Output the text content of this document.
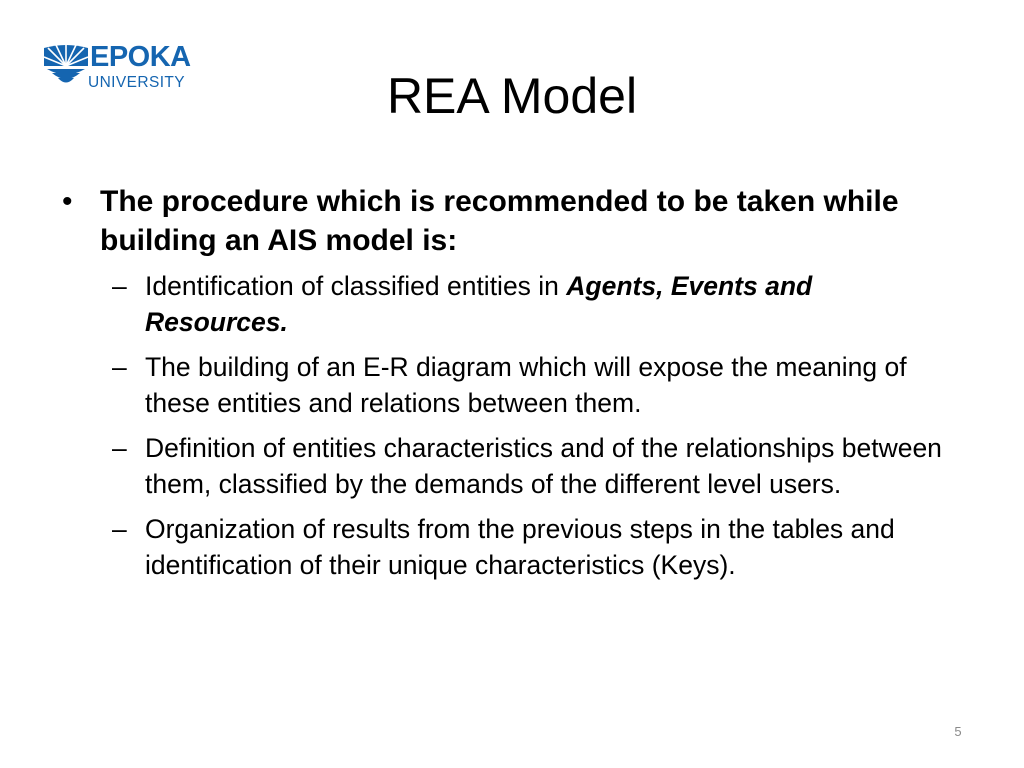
EPOKA
UNIVERSITY	REA Model
• The procedure which is recommended to be taken while building an AIS model is:
– Identification of classified entities in Agents, Events and Resources.
– The building of an E-R diagram which will expose the meaning of these entities and relations between them.
– Definition of entities characteristics and of the relationships between them, classified by the demands of the different level users.
– Organization of results from the previous steps in the tables and identification of their unique characteristics (Keys).
5
